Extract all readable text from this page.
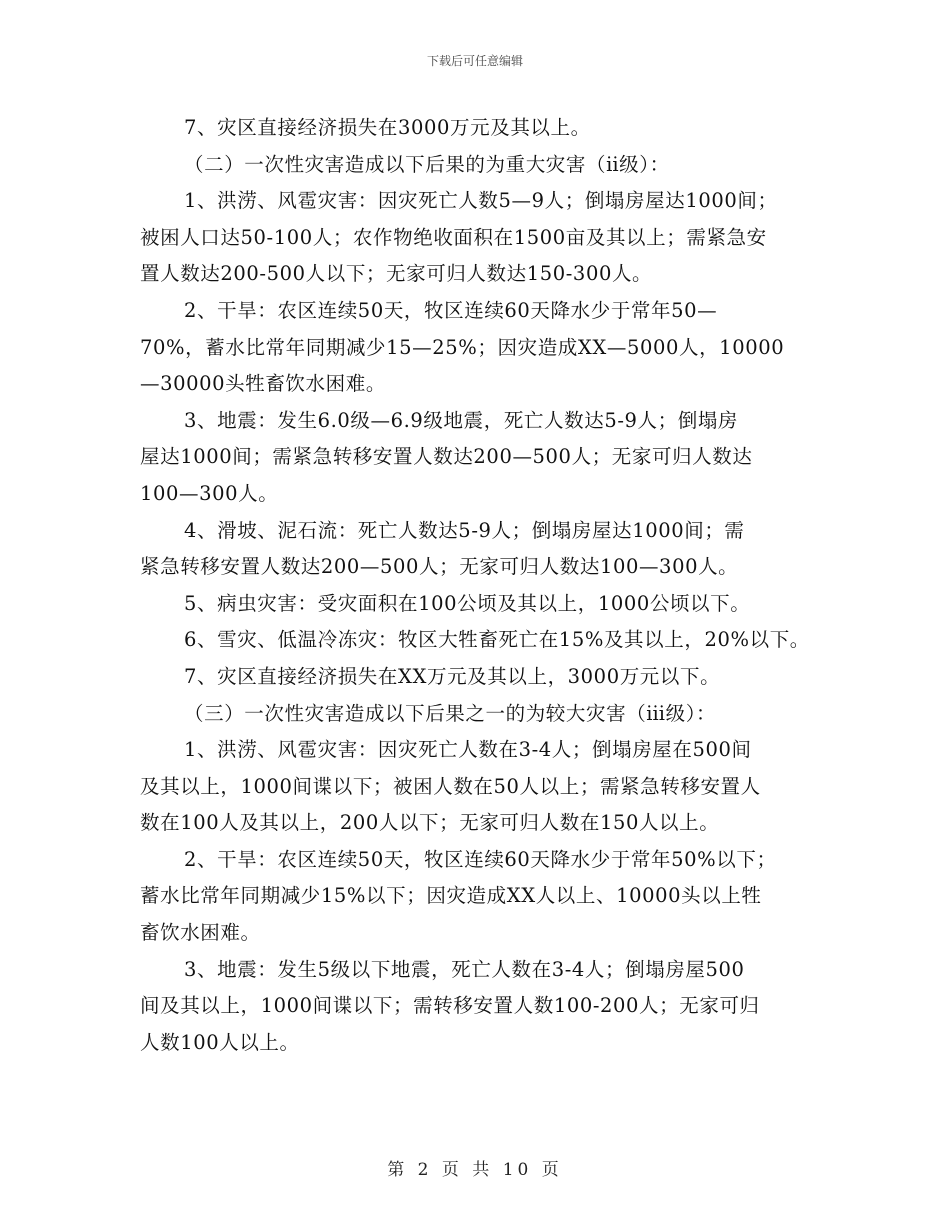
下载后可任意编辑
7、灾区直接经济损失在3000万元及其以上。
（二）一次性灾害造成以下后果的为重大灾害（ⅱ级）：
1、洪涝、风雹灾害：因灾死亡人数5—9人；倒塌房屋达1000间；
被困人口达50-100人；农作物绝收面积在1500亩及其以上；需紧急安
置人数达200-500人以下；无家可归人数达150-300人。
2、干旱：农区连续50天，牧区连续60天降水少于常年50—
70%，蓄水比常年同期减少15—25%；因灾造成XX—5000人，10000
—30000头牲畜饮水困难。
3、地震：发生6.0级—6.9级地震，死亡人数达5-9人；倒塌房
屋达1000间；需紧急转移安置人数达200—500人；无家可归人数达
100—300人。
4、滑坡、泥石流：死亡人数达5-9人；倒塌房屋达1000间；需
紧急转移安置人数达200—500人；无家可归人数达100—300人。
5、病虫灾害：受灾面积在100公顷及其以上，1000公顷以下。
6、雪灾、低温冷冻灾：牧区大牲畜死亡在15%及其以上，20%以下。
7、灾区直接经济损失在XX万元及其以上，3000万元以下。
（三）一次性灾害造成以下后果之一的为较大灾害（ⅲ级）：
1、洪涝、风雹灾害：因灾死亡人数在3-4人；倒塌房屋在500间
及其以上，1000间谍以下；被困人数在50人以上；需紧急转移安置人
数在100人及其以上，200人以下；无家可归人数在150人以上。
2、干旱：农区连续50天，牧区连续60天降水少于常年50%以下；
蓄水比常年同期减少15%以下；因灾造成XX人以上、10000头以上牲
畜饮水困难。
3、地震：发生5级以下地震，死亡人数在3-4人；倒塌房屋500
间及其以上，1000间谍以下；需转移安置人数100-200人；无家可归
人数100人以上。
第 2 页 共 10 页
